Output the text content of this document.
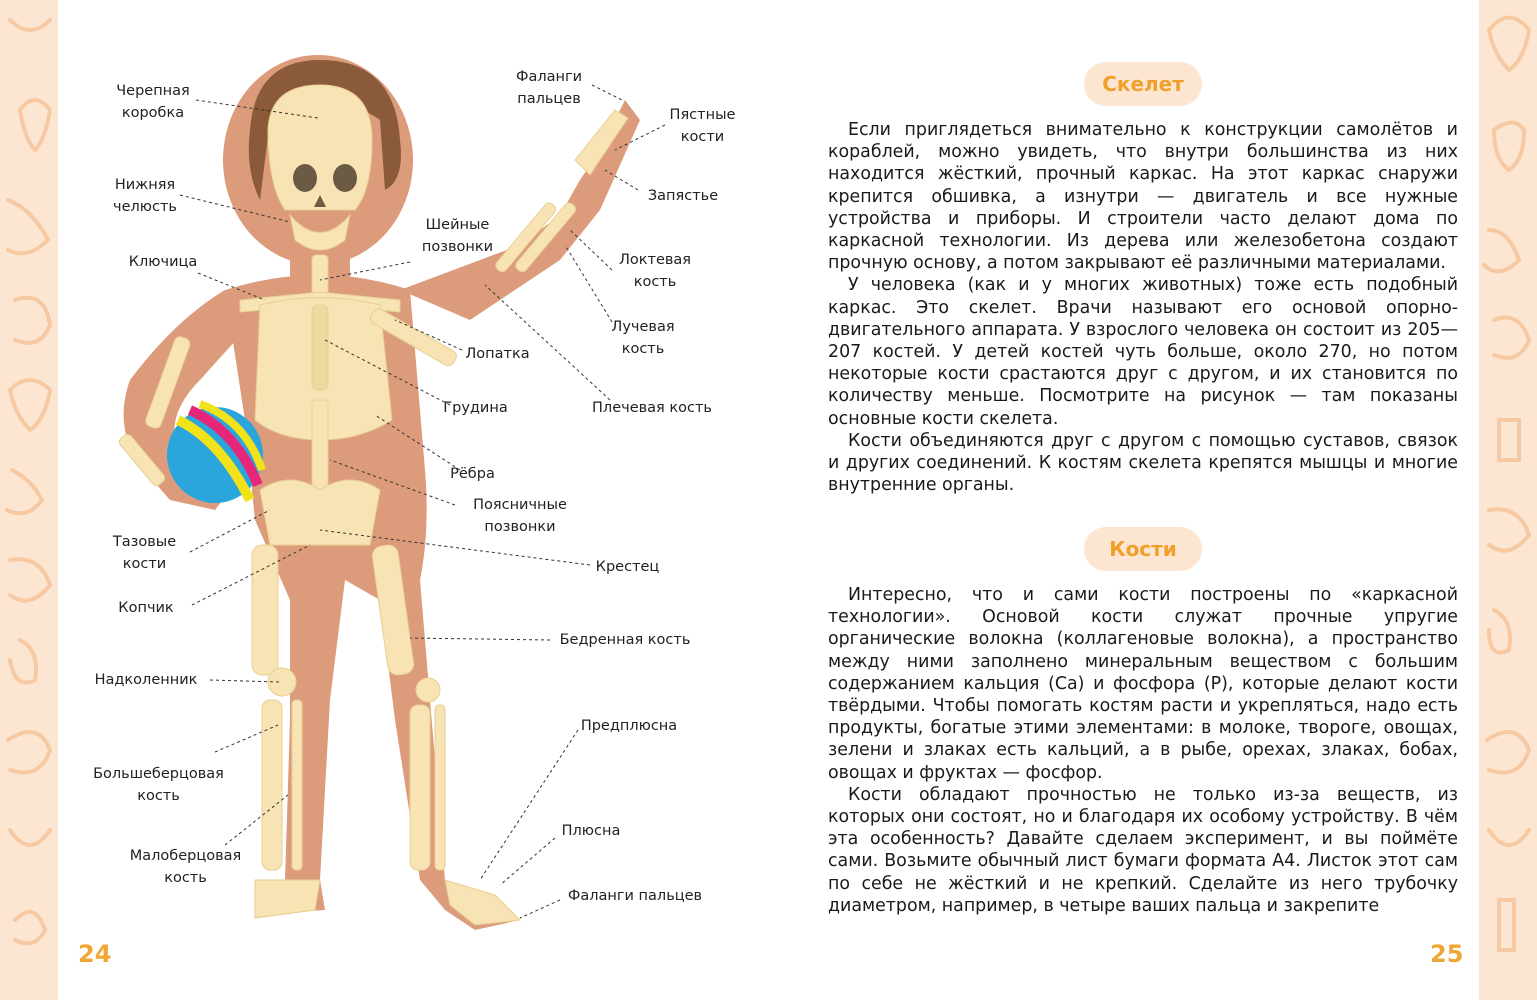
24	25
Черепная
коробка
Нижняя
челюсть
Ключица
Шейные
позвонки
Фаланги
пальцев
Пястные
кости
Запястье
Локтевая
кость
Лучевая
кость
Лопатка
Грудина	Плечевая кость
Рёбра
Поясничные
позвонки
Тазовые
кости	Крестец
Копчик
Бедренная кость
Надколенник
Большеберцовая
кость
Предплюсна
Плюсна
Малоберцовая
кость
Фаланги пальцев
Скелет

Если приглядеться внимательно к конструкции самолётов и кораблей, можно увидеть, что внутри большинства из них находится жёсткий, прочный каркас. На этот каркас снаружи крепится обшивка, а изнутри — двигатель и все нужные устройства и приборы. И строители часто делают дома по каркасной технологии. Из дерева или железобетона создают прочную основу, а потом закрывают её различными материалами.

У человека (как и у многих животных) тоже есть подобный каркас. Это скелет. Врачи называют его основой опорно-двигательного аппарата. У взрослого человека он состоит из 205—207 костей. У детей костей чуть больше, около 270, но потом некоторые кости срастаются друг с другом, и их становится по количеству меньше. Посмотрите на рисунок — там показаны основные кости скелета.

Кости объединяются друг с другом с помощью суставов, связок и других соединений. К костям скелета крепятся мышцы и многие внутренние органы.

Кости

Интересно, что и сами кости построены по «каркасной технологии». Основой кости служат прочные упругие органические волокна (коллагеновые волокна), а пространство между ними заполнено минеральным веществом с большим содержанием кальция (Са) и фосфора (Р), которые делают кости твёрдыми. Чтобы помогать костям расти и укрепляться, надо есть продукты, богатые этими элементами: в молоке, твороге, овощах, зелени и злаках есть кальций, а в рыбе, орехах, злаках, бобах, овощах и фруктах — фосфор.

Кости обладают прочностью не только из-за веществ, из которых они состоят, но и благодаря их особому устройству. В чём эта особенность? Давайте сделаем эксперимент, и вы поймёте сами. Возьмите обычный лист бумаги формата А4. Листок этот сам по себе не жёсткий и не крепкий. Сделайте из него трубочку диаметром, например, в четыре ваших пальца и закрепите
